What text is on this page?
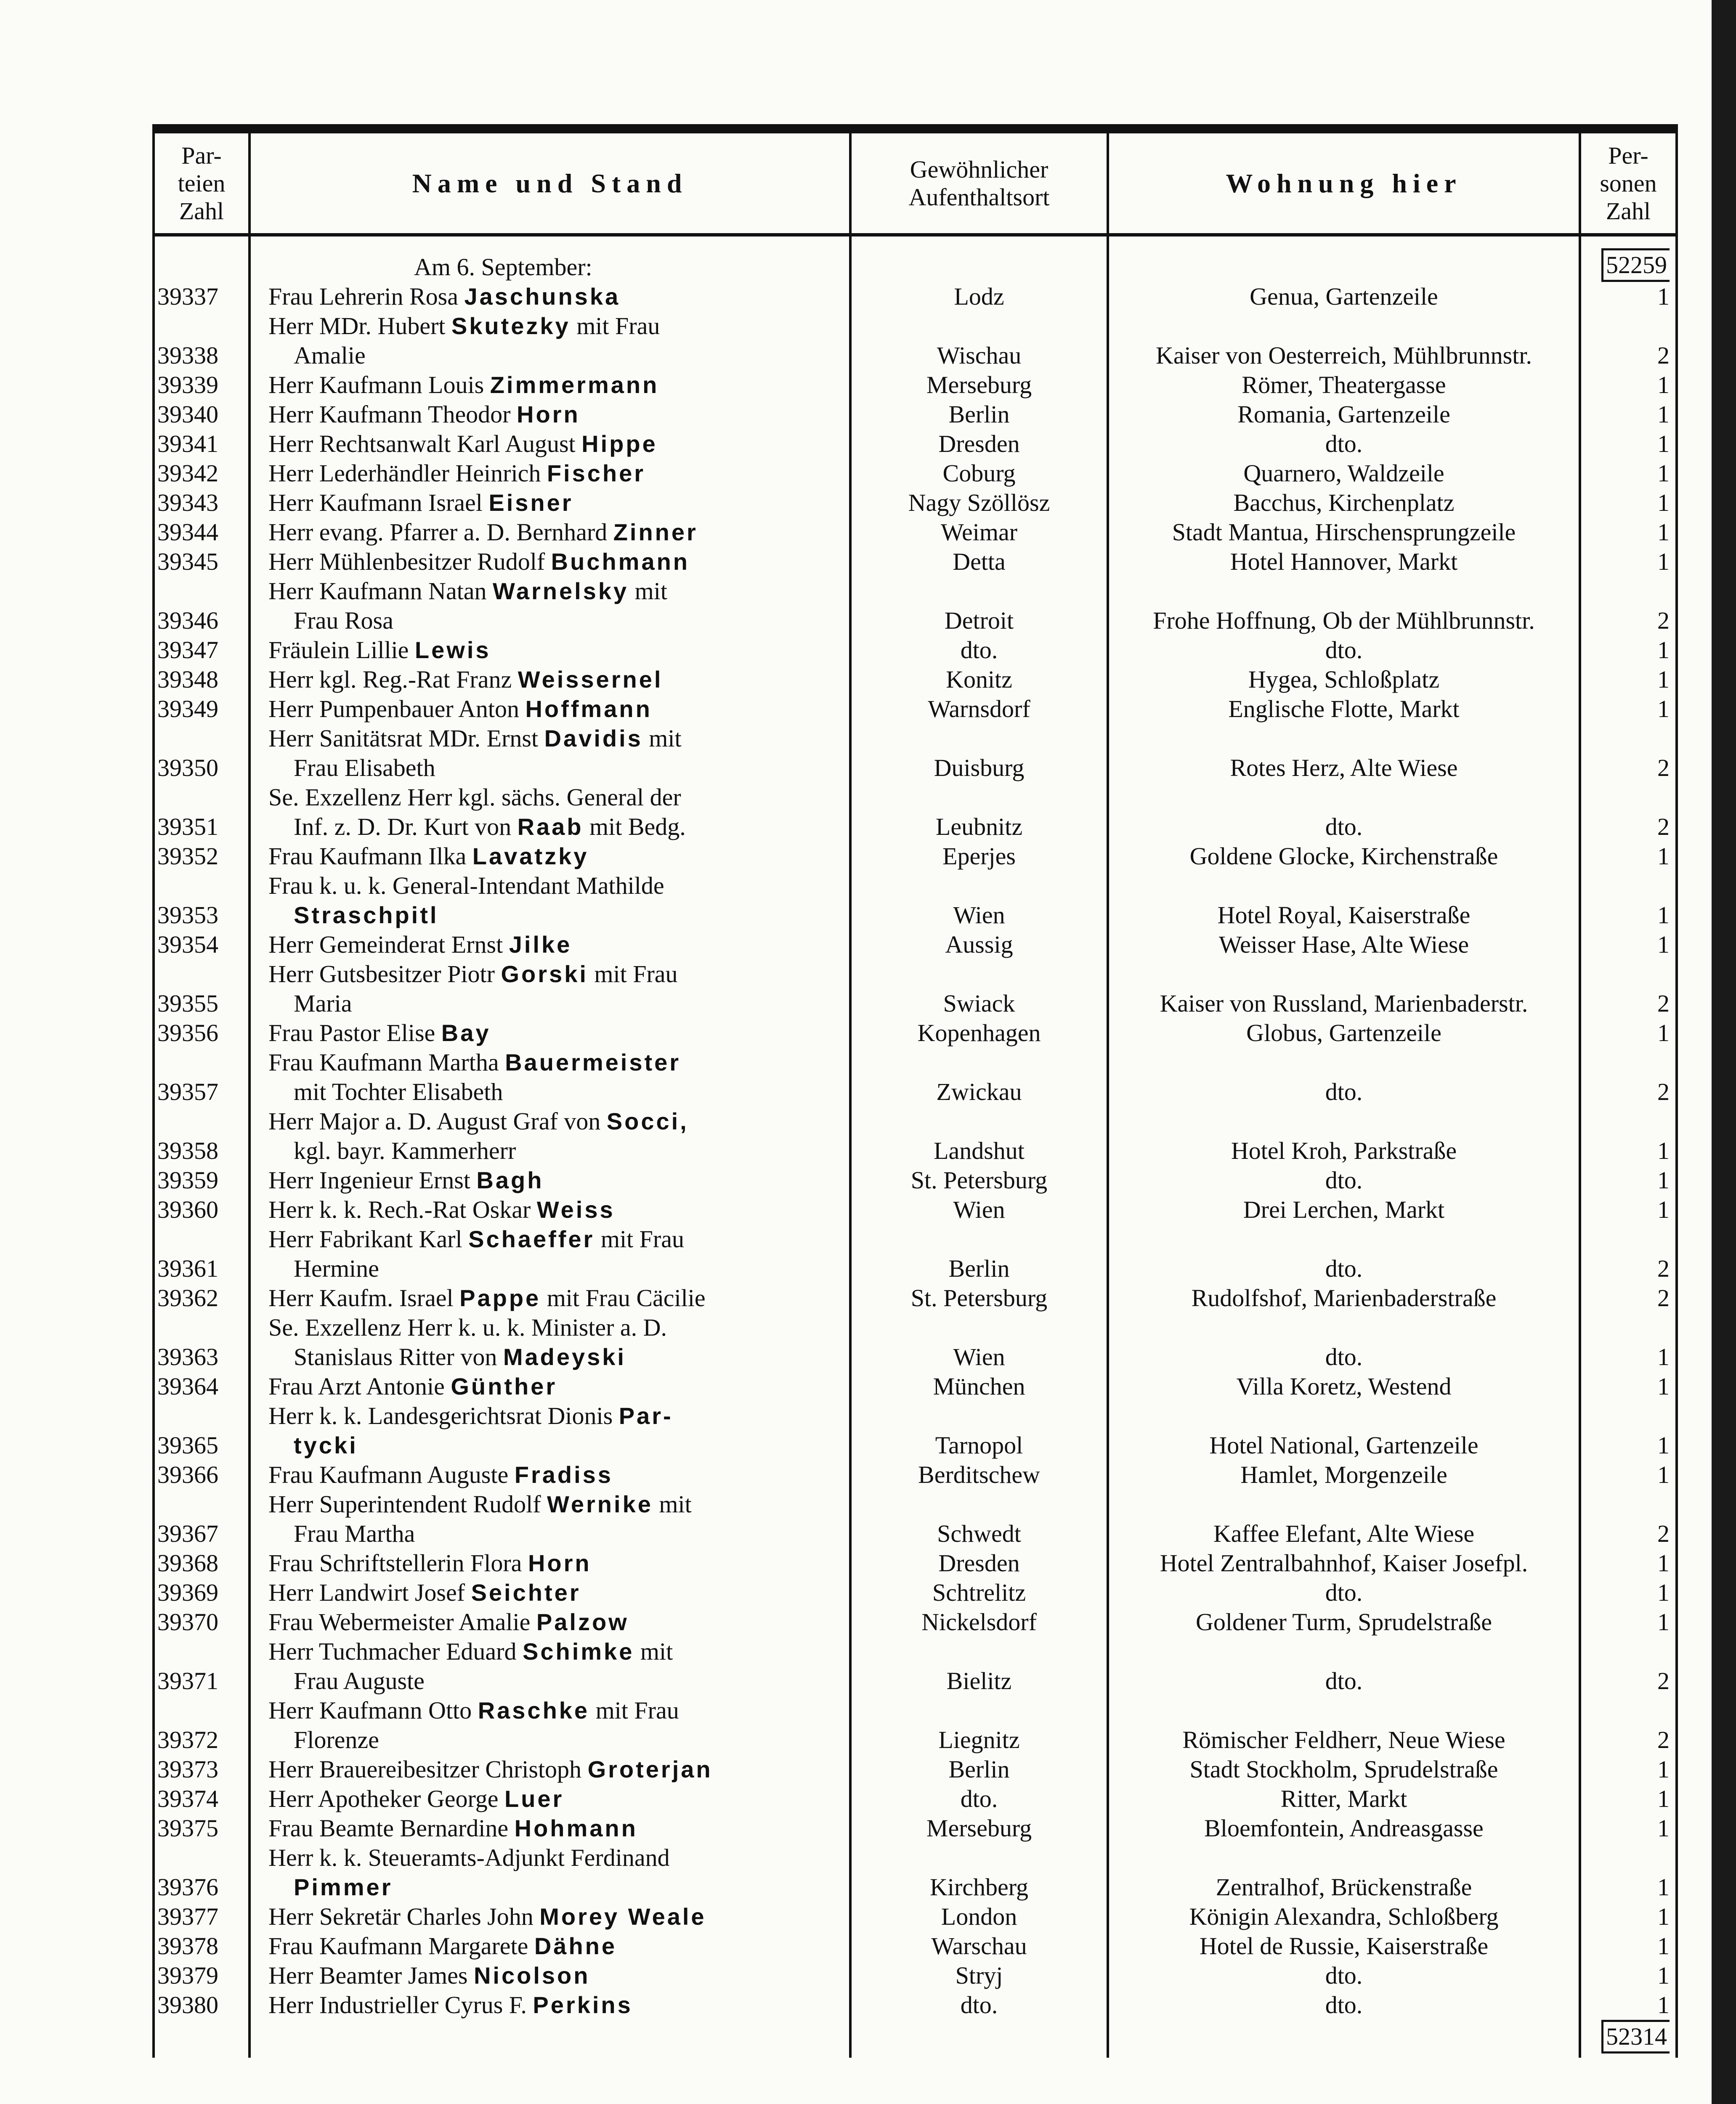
Par-
teien
Zahl	Name und Stand	Gewöhnlicher
Aufenthaltsort	Wohnung hier	Per-
sonen
Zahl

	Am 6. September:			52259
39337	Frau Lehrerin Rosa Jaschunska	Lodz	Genua, Gartenzeile	1
39338	Herr MDr. Hubert Skutezky mit Frau
Amalie	Wischau	Kaiser von Oesterreich, Mühlbrunnstr.	2
39339	Herr Kaufmann Louis Zimmermann	Merseburg	Römer, Theatergasse	1
39340	Herr Kaufmann Theodor Horn	Berlin	Romania, Gartenzeile	1
39341	Herr Rechtsanwalt Karl August Hippe	Dresden	dto.	1
39342	Herr Lederhändler Heinrich Fischer	Coburg	Quarnero, Waldzeile	1
39343	Herr Kaufmann Israel Eisner	Nagy Szöllösz	Bacchus, Kirchenplatz	1
39344	Herr evang. Pfarrer a. D. Bernhard Zinner	Weimar	Stadt Mantua, Hirschensprungzeile	1
39345	Herr Mühlenbesitzer Rudolf Buchmann	Detta	Hotel Hannover, Markt	1
39346	Herr Kaufmann Natan Warnelsky mit
Frau Rosa	Detroit	Frohe Hoffnung, Ob der Mühlbrunnstr.	2
39347	Fräulein Lillie Lewis	dto.	dto.	1
39348	Herr kgl. Reg.-Rat Franz Weissernel	Konitz	Hygea, Schloßplatz	1
39349	Herr Pumpenbauer Anton Hoffmann	Warnsdorf	Englische Flotte, Markt	1
39350	Herr Sanitätsrat MDr. Ernst Davidis mit
Frau Elisabeth	Duisburg	Rotes Herz, Alte Wiese	2
39351	Se. Exzellenz Herr kgl. sächs. General der
Inf. z. D. Dr. Kurt von Raab mit Bedg.	Leubnitz	dto.	2
39352	Frau Kaufmann Ilka Lavatzky	Eperjes	Goldene Glocke, Kirchenstraße	1
39353	Frau k. u. k. General-Intendant Mathilde
Straschpitl	Wien	Hotel Royal, Kaiserstraße	1
39354	Herr Gemeinderat Ernst Jilke	Aussig	Weisser Hase, Alte Wiese	1
39355	Herr Gutsbesitzer Piotr Gorski mit Frau
Maria	Swiack	Kaiser von Russland, Marienbaderstr.	2
39356	Frau Pastor Elise Bay	Kopenhagen	Globus, Gartenzeile	1
39357	Frau Kaufmann Martha Bauermeister
mit Tochter Elisabeth	Zwickau	dto.	2
39358	Herr Major a. D. August Graf von Socci,
kgl. bayr. Kammerherr	Landshut	Hotel Kroh, Parkstraße	1
39359	Herr Ingenieur Ernst Bagh	St. Petersburg	dto.	1
39360	Herr k. k. Rech.-Rat Oskar Weiss	Wien	Drei Lerchen, Markt	1
39361	Herr Fabrikant Karl Schaeffer mit Frau
Hermine	Berlin	dto.	2
39362	Herr Kaufm. Israel Pappe mit Frau Cäcilie	St. Petersburg	Rudolfshof, Marienbaderstraße	2
39363	Se. Exzellenz Herr k. u. k. Minister a. D.
Stanislaus Ritter von Madeyski	Wien	dto.	1
39364	Frau Arzt Antonie Günther	München	Villa Koretz, Westend	1
39365	Herr k. k. Landesgerichtsrat Dionis Par-
tycki	Tarnopol	Hotel National, Gartenzeile	1
39366	Frau Kaufmann Auguste Fradiss	Berditschew	Hamlet, Morgenzeile	1
39367	Herr Superintendent Rudolf Wernike mit
Frau Martha	Schwedt	Kaffee Elefant, Alte Wiese	2
39368	Frau Schriftstellerin Flora Horn	Dresden	Hotel Zentralbahnhof, Kaiser Josefpl.	1
39369	Herr Landwirt Josef Seichter	Schtrelitz	dto.	1
39370	Frau Webermeister Amalie Palzow	Nickelsdorf	Goldener Turm, Sprudelstraße	1
39371	Herr Tuchmacher Eduard Schimke mit
Frau Auguste	Bielitz	dto.	2
39372	Herr Kaufmann Otto Raschke mit Frau
Florenze	Liegnitz	Römischer Feldherr, Neue Wiese	2
39373	Herr Brauereibesitzer Christoph Groterjan	Berlin	Stadt Stockholm, Sprudelstraße	1
39374	Herr Apotheker George Luer	dto.	Ritter, Markt	1
39375	Frau Beamte Bernardine Hohmann	Merseburg	Bloemfontein, Andreasgasse	1
39376	Herr k. k. Steueramts-Adjunkt Ferdinand
Pimmer	Kirchberg	Zentralhof, Brückenstraße	1
39377	Herr Sekretär Charles John Morey Weale	London	Königin Alexandra, Schloßberg	1
39378	Frau Kaufmann Margarete Dähne	Warschau	Hotel de Russie, Kaiserstraße	1
39379	Herr Beamter James Nicolson	Stryj	dto.	1
39380	Herr Industrieller Cyrus F. Perkins	dto.	dto.	1
				52314
